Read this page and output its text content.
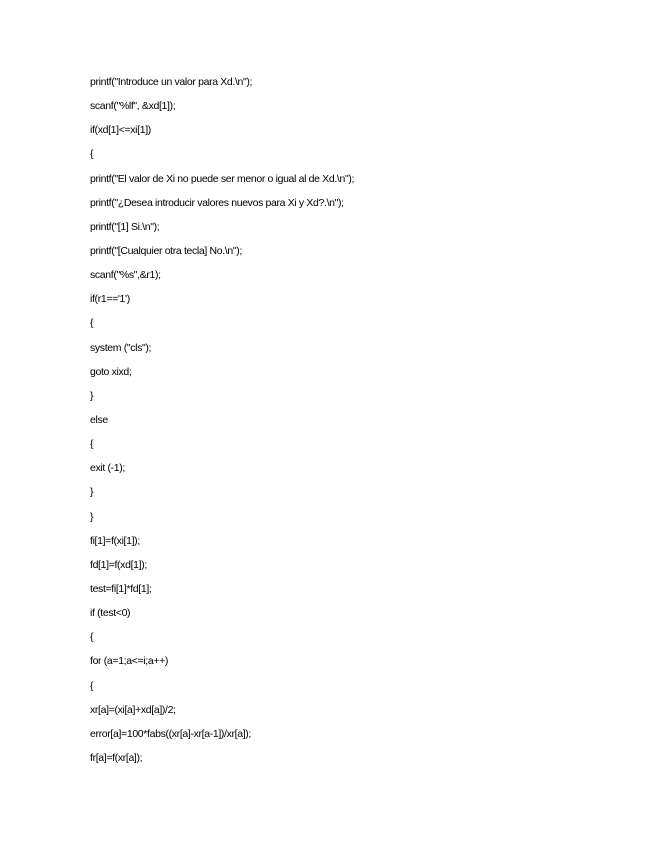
printf("Introduce un valor para Xd.\n");
scanf("%lf", &xd[1]);
if(xd[1]<=xi[1])
{
printf("El valor de Xi no puede ser menor o igual al de Xd.\n");
printf("¿Desea introducir valores nuevos para Xi y Xd?.\n");
printf("[1] Si.\n");
printf("[Cualquier otra tecla] No.\n");
scanf("%s",&r1);
if(r1=='1')
{
system ("cls");
goto xixd;
}
else
{
exit (-1);
}
}
fi[1]=f(xi[1]);
fd[1]=f(xd[1]);
test=fi[1]*fd[1];
if (test<0)
{
for (a=1;a<=i;a++)
{
xr[a]=(xi[a]+xd[a])/2;
error[a]=100*fabs((xr[a]-xr[a-1])/xr[a]);
fr[a]=f(xr[a]);
